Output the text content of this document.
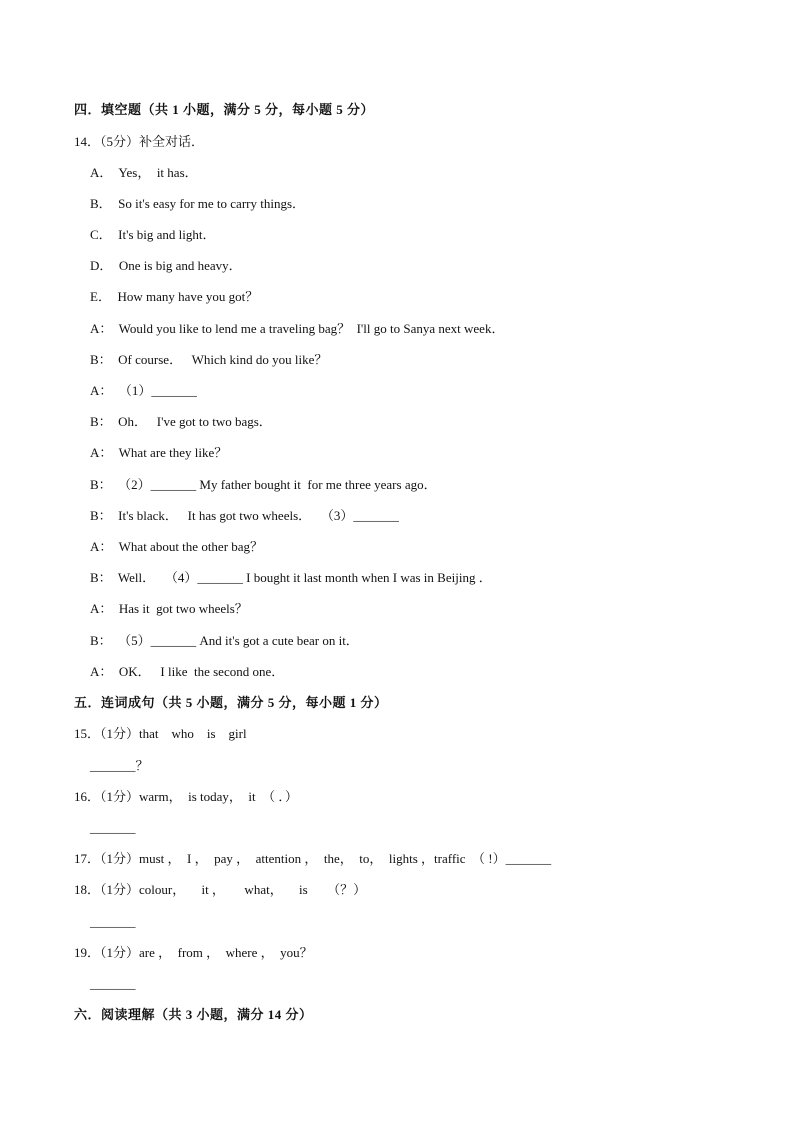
四．填空题（共 1 小题，满分 5 分，每小题 5 分）
14．（5分）补全对话．
A．  Yes，  it has．
B．  So it's easy for me to carry things．
C．  It's big and light．
D．  One is big and heavy．
E．  How many have you got？
A：  Would you like to lend me a traveling bag？  I'll go to Sanya next week．
B：  Of course．   Which kind do you like？
A：  （1）_______
B：  Oh．   I've got to two bags．
A：  What are they like？
B：  （2）_______ My father bought it  for me three years ago．
B：  It's black．   It has got two wheels．   （3）_______
A：  What about the other bag？
B：  Well．   （4）_______ I bought it last month when I was in Beijing ．
A：  Has it  got two wheels？
B：  （5）_______ And it's got a cute bear on it．
A：  OK．   I like  the second one．
五．连词成句（共 5 小题，满分 5 分，每小题 1 分）
15．（1分）that    who    is    girl
_______？
16．（1分）warm，  is today，  it  （ ．）
_______
17．（1分）must ，  I ，  pay ，  attention ，  the，  to，  lights ，traffic  （ !）_______
18．（1分）colour，     it ，      what，     is      （？）
_______
19．（1分）are ，  from ，  where ，  you？
_______
六．阅读理解（共 3 小题，满分 14 分）
